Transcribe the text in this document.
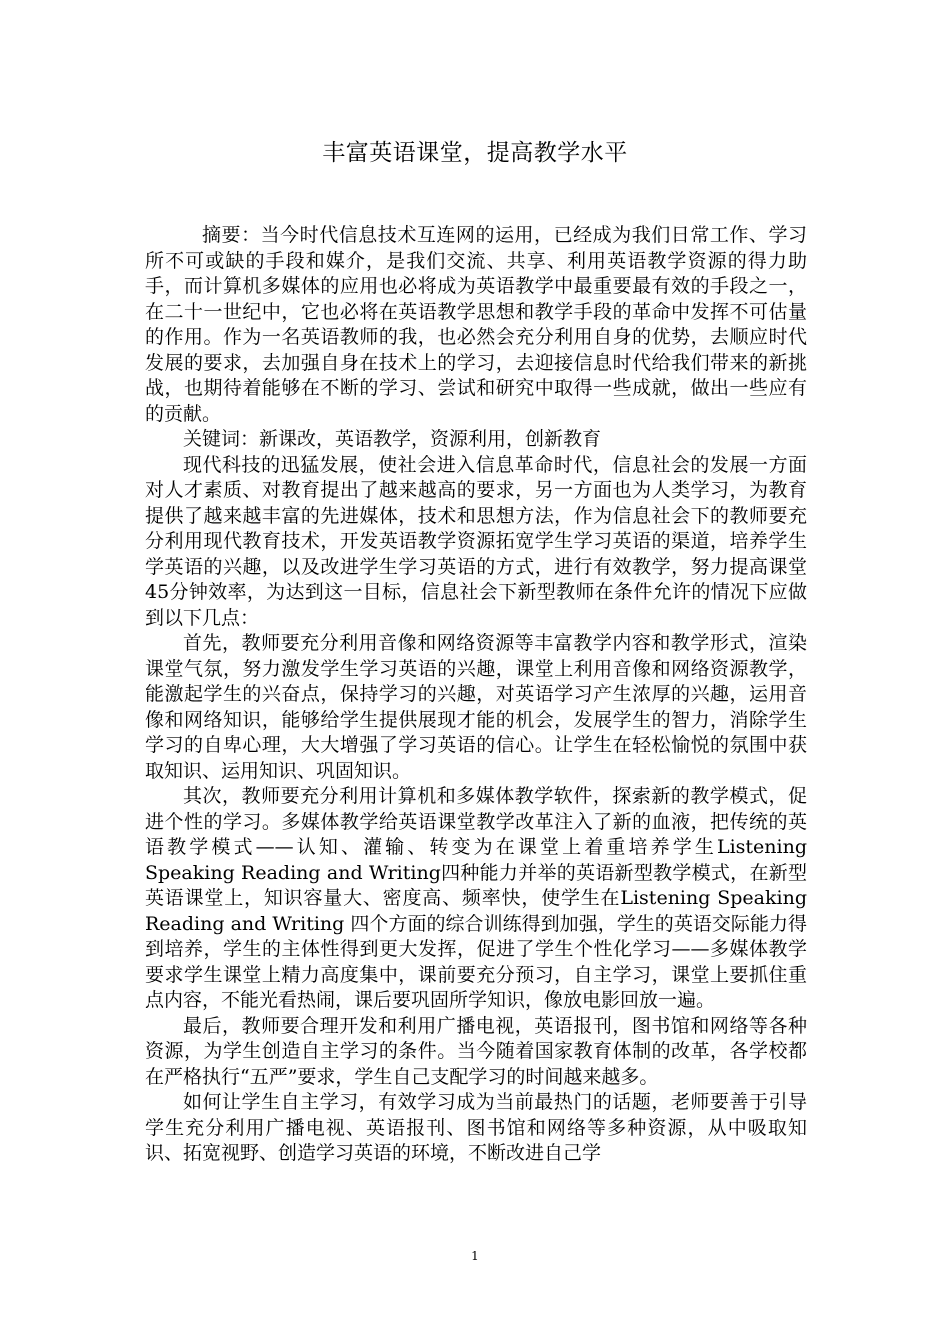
丰富英语课堂，提高教学水平

摘要：当今时代信息技术互连网的运用，已经成为我们日常工作、学习所不可或缺的手段和媒介，是我们交流、共享、利用英语教学资源的得力助手，而计算机多媒体的应用也必将成为英语教学中最重要最有效的手段之一，在二十一世纪中，它也必将在英语教学思想和教学手段的革命中发挥不可估量的作用。作为一名英语教师的我，也必然会充分利用自身的优势，去顺应时代发展的要求，去加强自身在技术上的学习，去迎接信息时代给我们带来的新挑战，也期待着能够在不断的学习、尝试和研究中取得一些成就，做出一些应有的贡献。

关键词：新课改，英语教学，资源利用，创新教育

现代科技的迅猛发展，使社会进入信息革命时代，信息社会的发展一方面对人才素质、对教育提出了越来越高的要求，另一方面也为人类学习，为教育提供了越来越丰富的先进媒体，技术和思想方法，作为信息社会下的教师要充分利用现代教育技术，开发英语教学资源拓宽学生学习英语的渠道，培养学生学英语的兴趣，以及改进学生学习英语的方式，进行有效教学，努力提高课堂45分钟效率，为达到这一目标，信息社会下新型教师在条件允许的情况下应做到以下几点：

首先，教师要充分利用音像和网络资源等丰富教学内容和教学形式，渲染课堂气氛，努力激发学生学习英语的兴趣，课堂上利用音像和网络资源教学，能激起学生的兴奋点，保持学习的兴趣，对英语学习产生浓厚的兴趣，运用音像和网络知识，能够给学生提供展现才能的机会，发展学生的智力，消除学生学习的自卑心理，大大增强了学习英语的信心。让学生在轻松愉悦的氛围中获取知识、运用知识、巩固知识。

其次，教师要充分利用计算机和多媒体教学软件，探索新的教学模式，促进个性的学习。多媒体教学给英语课堂教学改革注入了新的血液，把传统的英语教学模式——认知、灌输、转变为在课堂上着重培养学生Listening Speaking Reading and Writing四种能力并举的英语新型教学模式，在新型英语课堂上，知识容量大、密度高、频率快，使学生在Listening Speaking Reading and Writing 四个方面的综合训练得到加强，学生的英语交际能力得到培养，学生的主体性得到更大发挥，促进了学生个性化学习——多媒体教学要求学生课堂上精力高度集中，课前要充分预习，自主学习，课堂上要抓住重点内容，不能光看热闹，课后要巩固所学知识，像放电影回放一遍。

最后，教师要合理开发和利用广播电视，英语报刊，图书馆和网络等各种资源，为学生创造自主学习的条件。当今随着国家教育体制的改革，各学校都在严格执行“五严”要求，学生自己支配学习的时间越来越多。

如何让学生自主学习，有效学习成为当前最热门的话题，老师要善于引导学生充分利用广播电视、英语报刊、图书馆和网络等多种资源，从中吸取知识、拓宽视野、创造学习英语的环境，不断改进自己学

1
